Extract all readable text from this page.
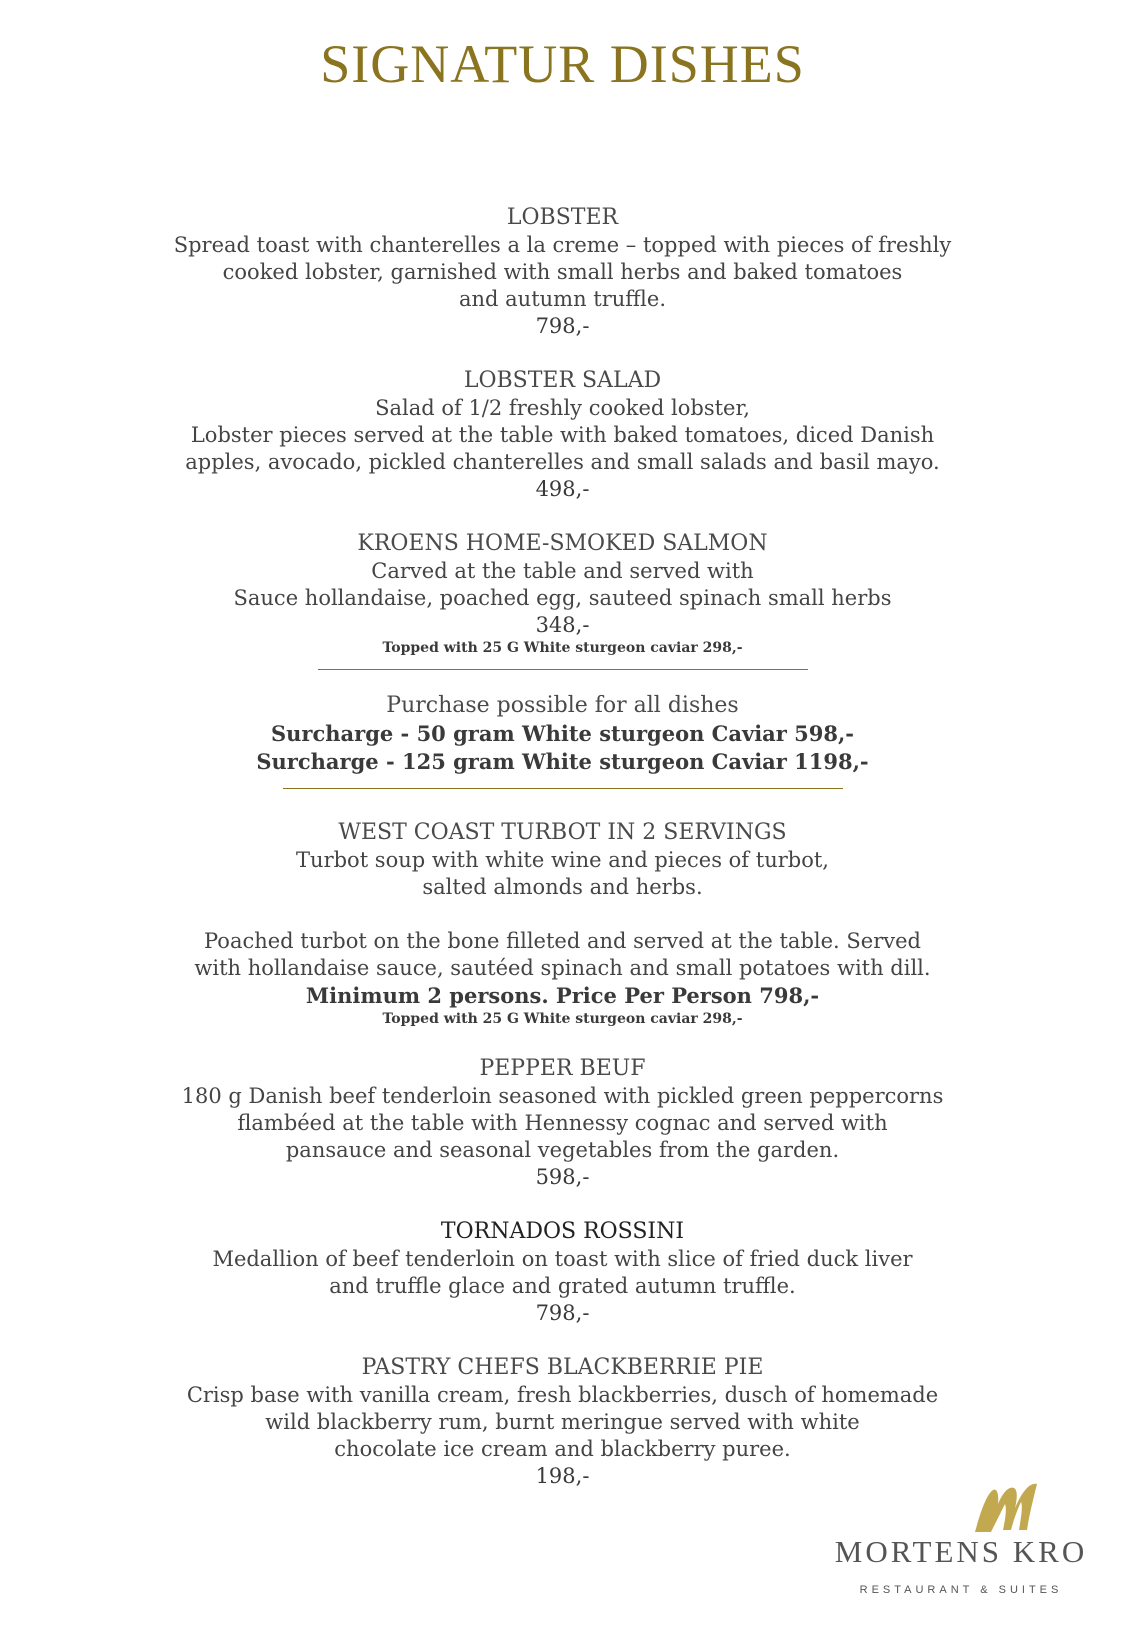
SIGNATUR DISHES
LOBSTER
Spread toast with chanterelles a la creme – topped with pieces of freshly
cooked lobster, garnished with small herbs and baked tomatoes
and autumn truffle.
798,-
LOBSTER SALAD
Salad of 1/2 freshly cooked lobster,
Lobster pieces served at the table with baked tomatoes, diced Danish
apples, avocado, pickled chanterelles and small salads and basil mayo.
498,-
KROENS HOME-SMOKED SALMON
Carved at the table and served with
Sauce hollandaise, poached egg, sauteed spinach small herbs
348,-
Topped with 25 G White sturgeon caviar 298,-
Purchase possible for all dishes
Surcharge - 50 gram White sturgeon Caviar 598,-
Surcharge - 125 gram White sturgeon Caviar 1198,-
WEST COAST TURBOT IN 2 SERVINGS
Turbot soup with white wine and pieces of turbot,
salted almonds and herbs.
Poached turbot on the bone filleted and served at the table. Served
with hollandaise sauce, sautéed spinach and small potatoes with dill.
Minimum 2 persons. Price Per Person 798,-
Topped with 25 G White sturgeon caviar 298,-
PEPPER BEUF
180 g Danish beef tenderloin seasoned with pickled green peppercorns
flambéed at the table with Hennessy cognac and served with
pansauce and seasonal vegetables from the garden.
598,-
TORNADOS ROSSINI
Medallion of beef tenderloin on toast with slice of fried duck liver
and truffle glace and grated autumn truffle.
798,-
PASTRY CHEFS BLACKBERRIE PIE
Crisp base with vanilla cream, fresh blackberries, dusch of homemade
wild blackberry rum, burnt meringue served with white
chocolate ice cream and blackberry puree.
198,-
MORTENS KRO
RESTAURANT & SUITES
